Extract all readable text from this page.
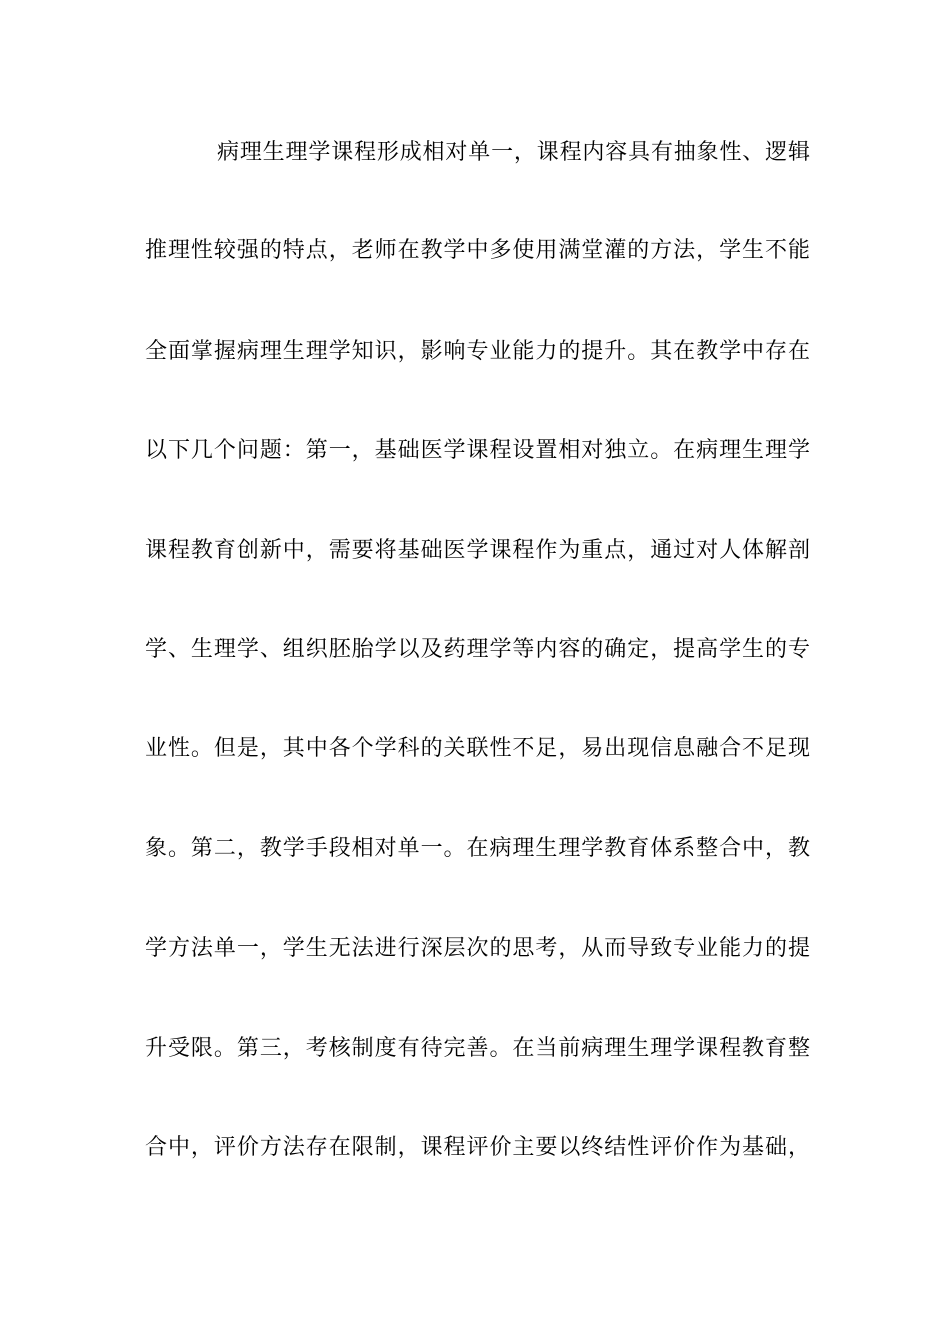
病理生理学课程形成相对单一，课程内容具有抽象性、逻辑
推理性较强的特点，老师在教学中多使用满堂灌的方法，学生不能
全面掌握病理生理学知识，影响专业能力的提升。其在教学中存在
以下几个问题：第一，基础医学课程设置相对独立。在病理生理学
课程教育创新中，需要将基础医学课程作为重点，通过对人体解剖
学、生理学、组织胚胎学以及药理学等内容的确定，提高学生的专
业性。但是，其中各个学科的关联性不足，易出现信息融合不足现
象。第二，教学手段相对单一。在病理生理学教育体系整合中，教
学方法单一，学生无法进行深层次的思考，从而导致专业能力的提
升受限。第三，考核制度有待完善。在当前病理生理学课程教育整
合中，评价方法存在限制，课程评价主要以终结性评价作为基础，
